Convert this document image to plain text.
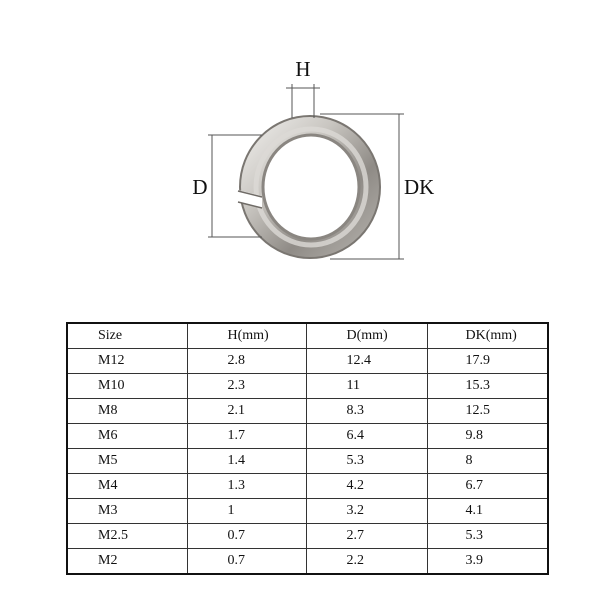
H
D	DK
Size	H(mm)	D(mm)	DK(mm)
M12	2.8	12.4	17.9
M10	2.3	11	15.3
M8	2.1	8.3	12.5
M6	1.7	6.4	9.8
M5	1.4	5.3	8
M4	1.3	4.2	6.7
M3	1	3.2	4.1
M2.5	0.7	2.7	5.3
M2	0.7	2.2	3.9
